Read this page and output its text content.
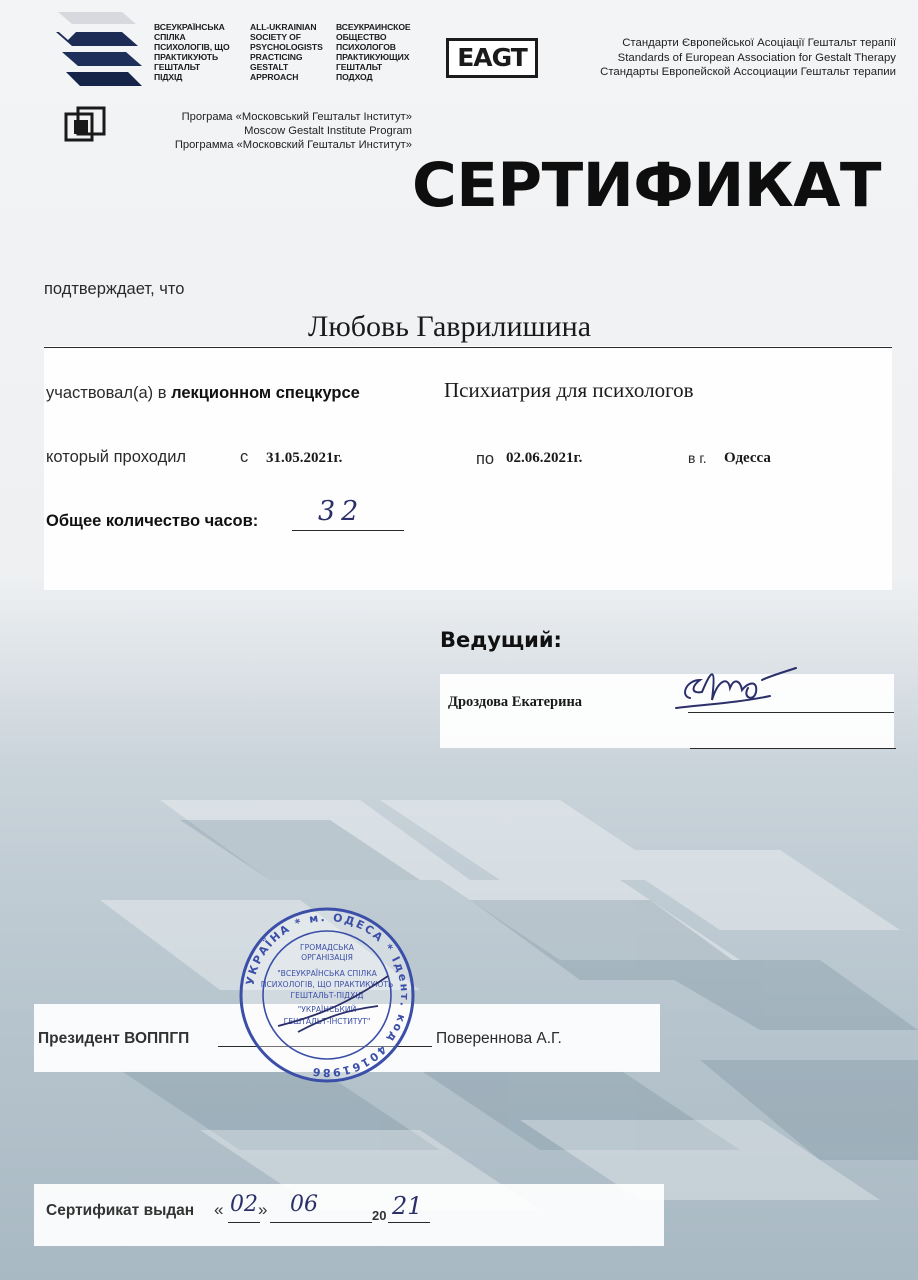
ВСЕУКРАЇНСЬКА
СПІЛКА
ПСИХОЛОГІВ, ЩО
ПРАКТИКУЮТЬ
ГЕШТАЛЬТ
ПІДХІД
ALL-UKRAINIAN
SOCIETY OF
PSYCHOLOGISTS
PRACTICING
GESTALT
APPROACH
ВСЕУКРАИНСКОЕ
ОБЩЕСТВО
ПСИХОЛОГОВ
ПРАКТИКУЮЩИХ
ГЕШТАЛЬТ
ПОДХОД
EAGT	Стандарти Європейської Асоціації Гештальт терапії
Standards of European Association for Gestalt Therapy
Стандарты Европейской Ассоциации Гештальт терапии
Програма «Московський Гештальт Інститут»
Moscow Gestalt Institute Program
Программа «Московский Гештальт Институт»
СЕРТИФИКАТ
подтверждает, что
Любовь Гаврилишина
участвовал(а) в лекционном спецкурсе	Психиатрия для психологов
который проходил	с 31.05.2021г.	по 02.06.2021г.	в г. Одесса
Общее количество часов: 32
Ведущий:
Дроздова Екатерина
Президент ВОППГП	Повереннова А.Г.
УКРАЇНА * м. ОДЕСА * Ідент. код 40161986
ГРОМАДСЬКА
ОРГАНІЗАЦІЯ
"ВСЕУКРАЇНСЬКА СПІЛКА
ПСИХОЛОГІВ, ЩО ПРАКТИКУЮТЬ
ГЕШТАЛЬТ-ПІДХІД
"УКРАЇНСЬКИЙ
ГЕШТАЛЬТ-ІНСТИТУТ"
Сертификат выдан « 02 » 06	20 21
